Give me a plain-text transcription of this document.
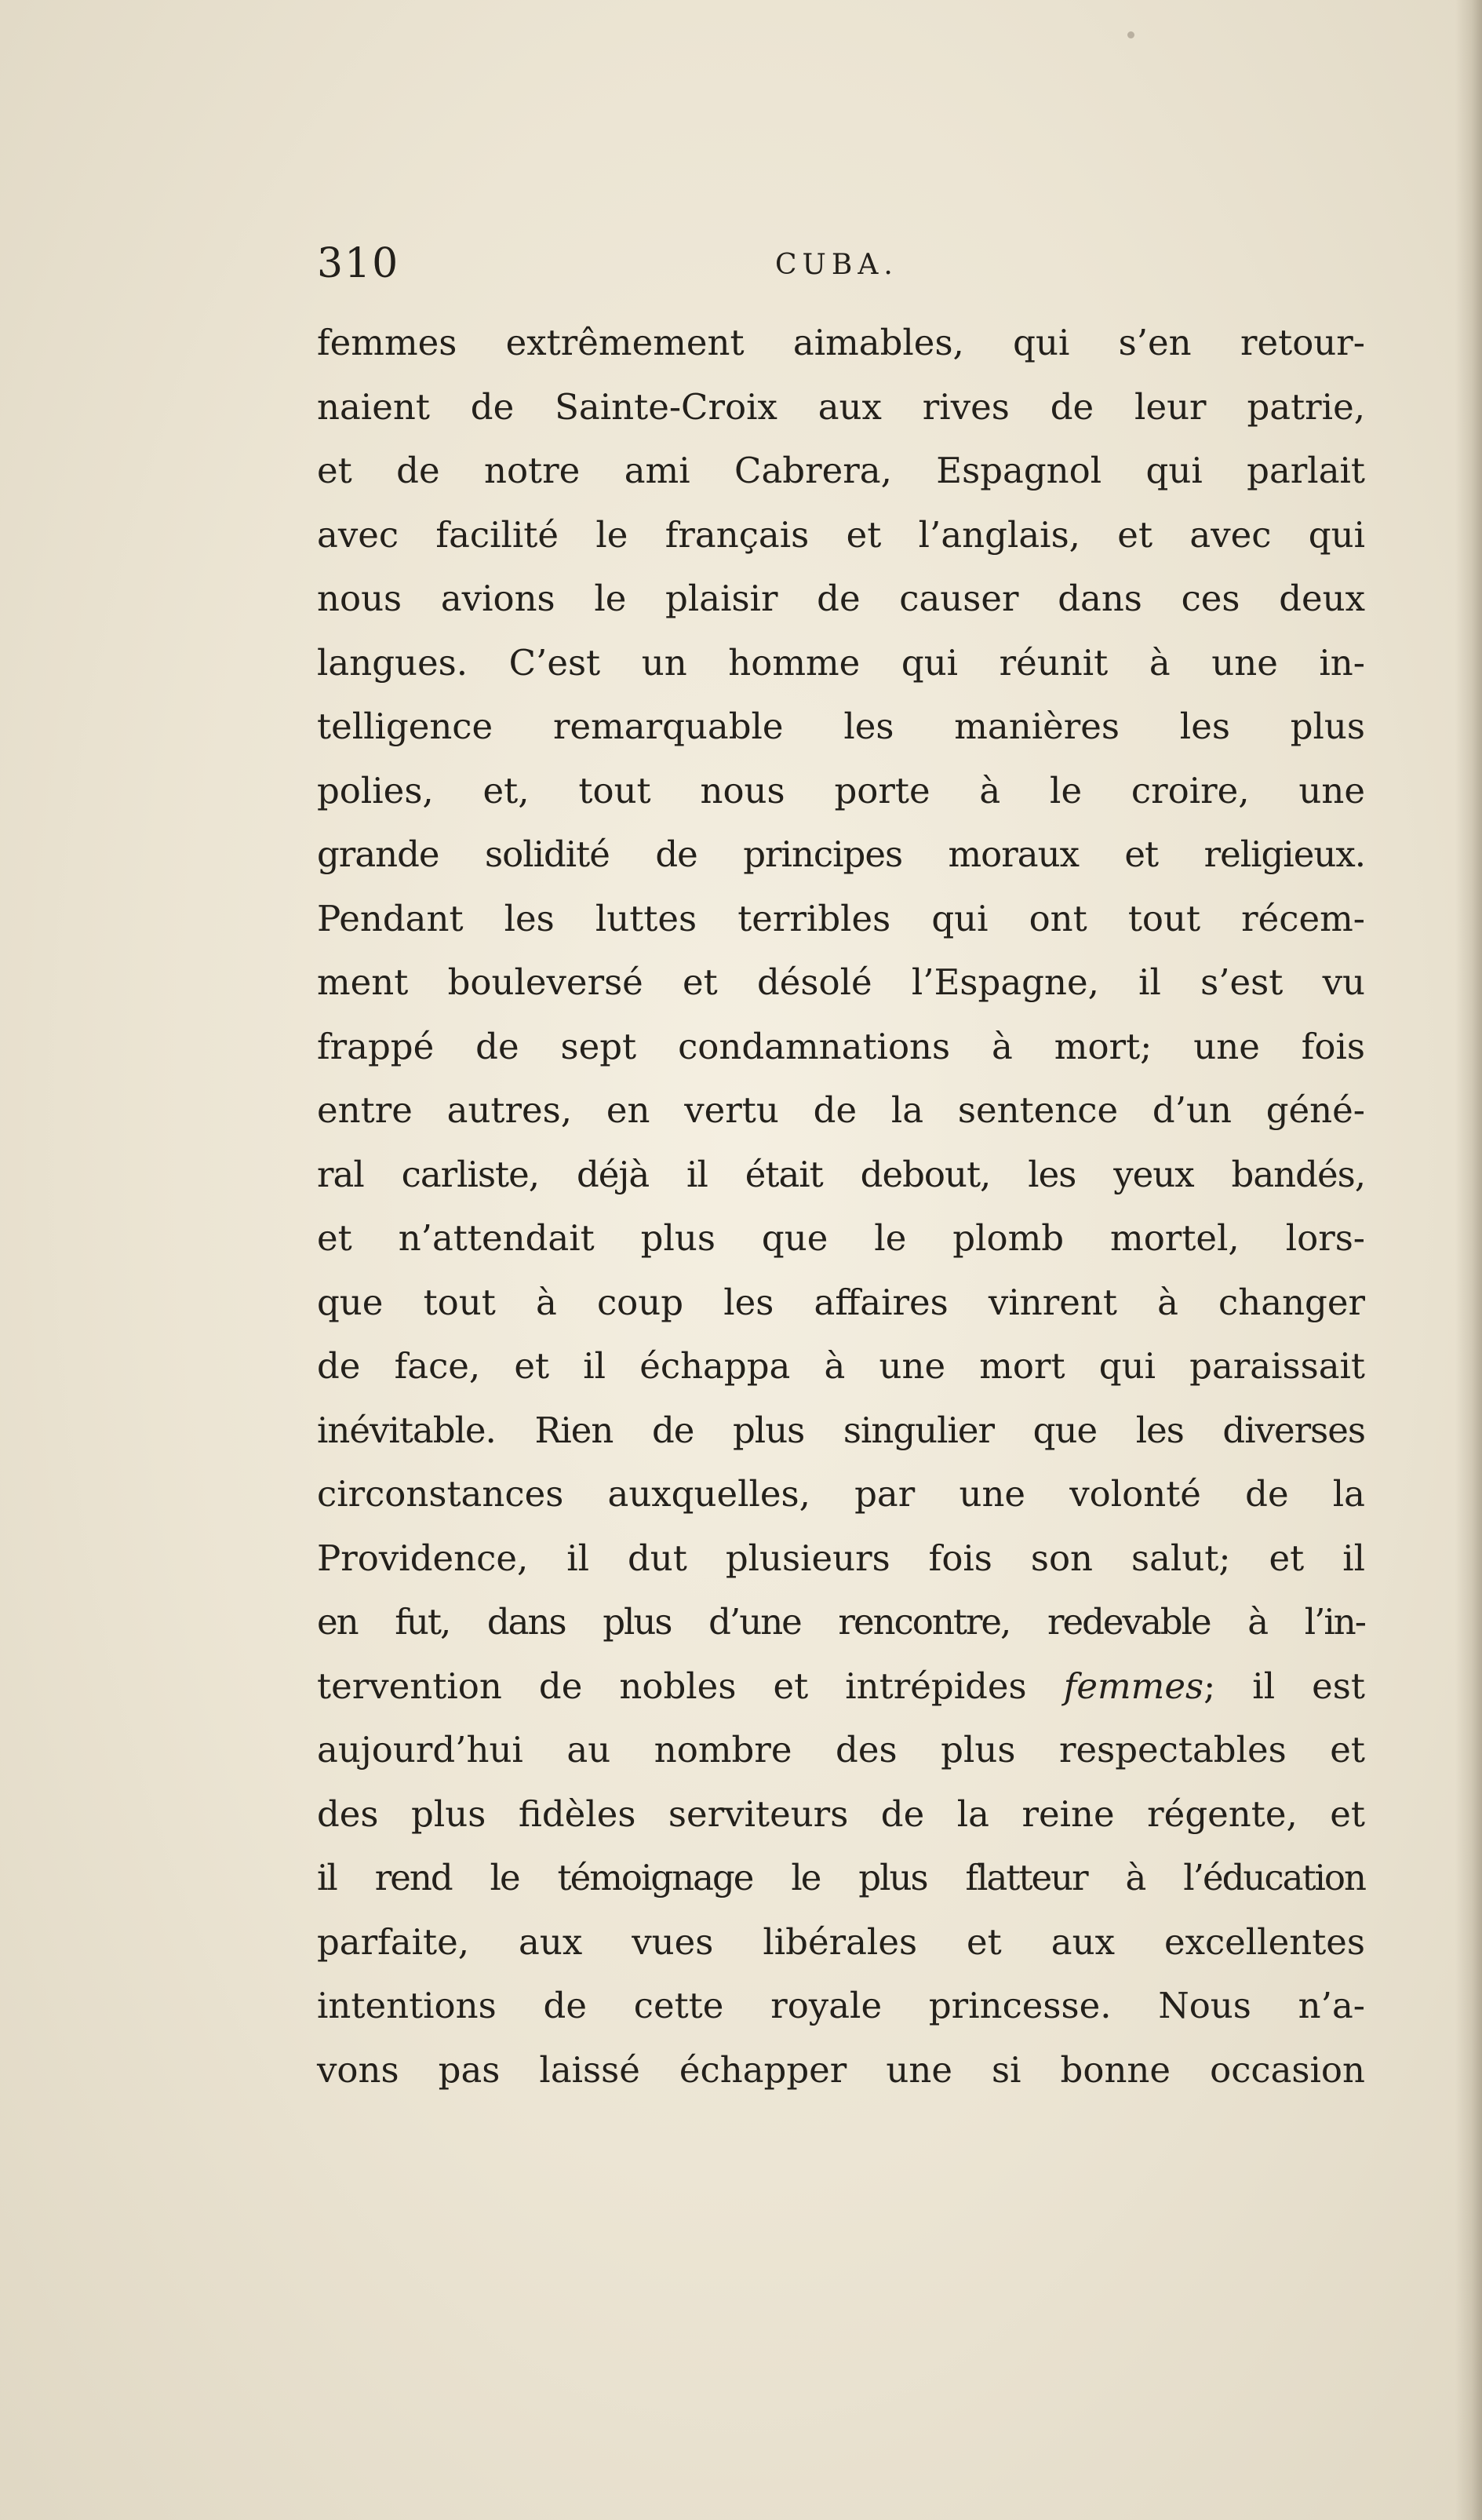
310	CUBA.
femmes extrêmement aimables, qui s’en retour-
naient de Sainte-Croix aux rives de leur patrie,
et de notre ami Cabrera, Espagnol qui parlait
avec facilité le français et l’anglais, et avec qui
nous avions le plaisir de causer dans ces deux
langues. C’est un homme qui réunit à une in-
telligence remarquable les manières les plus
polies, et, tout nous porte à le croire, une
grande solidité de principes moraux et religieux.
Pendant les luttes terribles qui ont tout récem-
ment bouleversé et désolé l’Espagne, il s’est vu
frappé de sept condamnations à mort; une fois
entre autres, en vertu de la sentence d’un géné-
ral carliste, déjà il était debout, les yeux bandés,
et n’attendait plus que le plomb mortel, lors-
que tout à coup les affaires vinrent à changer
de face, et il échappa à une mort qui paraissait
inévitable. Rien de plus singulier que les diverses
circonstances auxquelles, par une volonté de la
Providence, il dut plusieurs fois son salut; et il
en fut, dans plus d’une rencontre, redevable à l’in-
tervention de nobles et intrépides femmes; il est
aujourd’hui au nombre des plus respectables et
des plus fidèles serviteurs de la reine régente, et
il rend le témoignage le plus flatteur à l’éducation
parfaite, aux vues libérales et aux excellentes
intentions de cette royale princesse. Nous n’a-
vons pas laissé échapper une si bonne occasion
